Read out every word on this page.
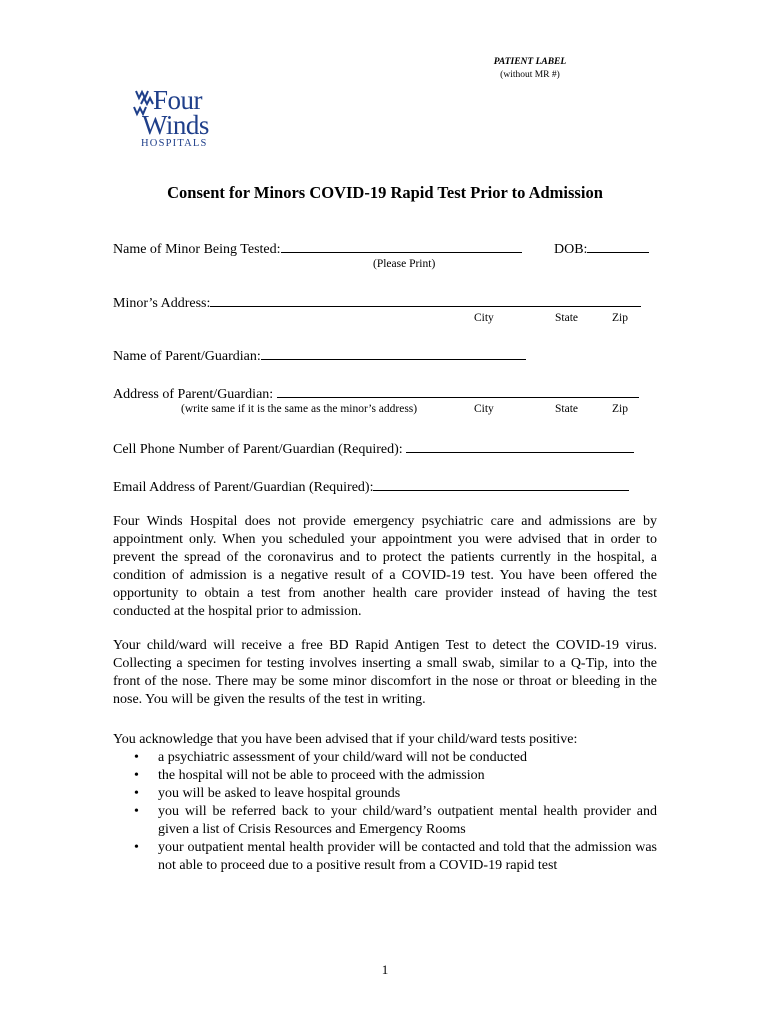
PATIENT LABEL
(without MR #)
Four
Winds
HOSPITALS
Consent for Minors COVID-19 Rapid Test Prior to Admission
Name of Minor Being Tested:	DOB:
(Please Print)
Minor’s Address:
City	State	Zip
Name of Parent/Guardian:
Address of Parent/Guardian:
(write same if it is the same as the minor’s address)	City	State	Zip
Cell Phone Number of Parent/Guardian (Required):
Email Address of Parent/Guardian (Required):

Four Winds Hospital does not provide emergency psychiatric care and admissions are by appointment only. When you scheduled your appointment you were advised that in order to prevent the spread of the coronavirus and to protect the patients currently in the hospital, a condition of admission is a negative result of a COVID-19 test. You have been offered the opportunity to obtain a test from another health care provider instead of having the test conducted at the hospital prior to admission.

Your child/ward will receive a free BD Rapid Antigen Test to detect the COVID-19 virus. Collecting a specimen for testing involves inserting a small swab, similar to a Q-Tip, into the front of the nose. There may be some minor discomfort in the nose or throat or bleeding in the nose. You will be given the results of the test in writing.

You acknowledge that you have been advised that if your child/ward tests positive:
• a psychiatric assessment of your child/ward will not be conducted
• the hospital will not be able to proceed with the admission
• you will be asked to leave hospital grounds
• you will be referred back to your child/ward’s outpatient mental health provider and given a list of Crisis Resources and Emergency Rooms
• your outpatient mental health provider will be contacted and told that the admission was not able to proceed due to a positive result from a COVID-19 rapid test
1
